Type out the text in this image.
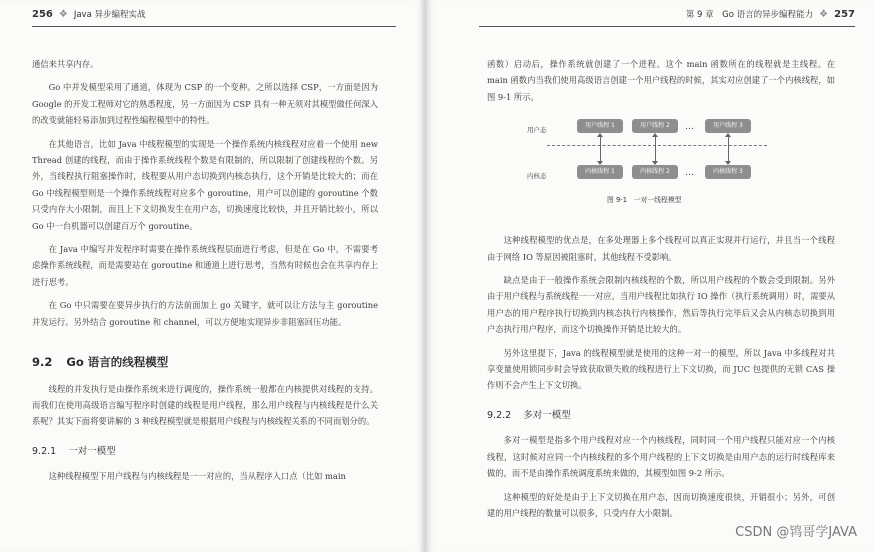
256 ❖ Java 异步编程实战

通信来共享内存。

Go 中并发模型采用了通道，体现为 CSP 的一个变种。之所以选择 CSP，一方面是因为 Google 的开发工程师对它的熟悉程度，另一方面因为 CSP 具有一种无须对其模型做任何深入的改变就能轻易添加到过程性编程模型中的特性。

在其他语言，比如 Java 中线程模型的实现是一个操作系统内核线程对应着一个使用 new Thread 创建的线程，而由于操作系统线程个数是有限制的，所以限制了创建线程的个数。另外，当线程执行阻塞操作时，线程要从用户态切换到内核态执行，这个开销是比较大的；而在 Go 中线程模型则是一个操作系统线程对应多个 goroutine，用户可以创建的 goroutine 个数只受内存大小限制，而且上下文切换发生在用户态，切换速度比较快，并且开销比较小，所以 Go 中一台机器可以创建百万个 goroutine。

在 Java 中编写并发程序时需要在操作系统线程层面进行考虑，但是在 Go 中，不需要考虑操作系统线程，而是需要站在 goroutine 和通道上进行思考，当然有时候也会在共享内存上进行思考。

在 Go 中只需要在要异步执行的方法前面加上 go 关键字，就可以让方法与主 goroutine 并发运行。另外结合 goroutine 和 channel，可以方便地实现异步非阻塞回压功能。

9.2 Go 语言的线程模型

线程的并发执行是由操作系统来进行调度的，操作系统一般都在内核提供对线程的支持。而我们在使用高级语言编写程序时创建的线程是用户线程，那么用户线程与内核线程是什么关系呢？其实下面将要讲解的 3 种线程模型就是根据用户线程与内核线程关系的不同而划分的。

9.2.1 一对一模型

这种线程模型下用户线程与内核线程是一一对应的，当从程序入口点（比如 main

第 9 章　Go 语言的异步编程能力 ❖ 257

函数）启动后，操作系统就创建了一个进程。这个 main 函数所在的线程就是主线程。在 main 函数内当我们使用高级语言创建一个用户线程的时候，其实对应创建了一个内核线程，如图 9-1 所示。

用户态
内核态
用户线程 1	用户线程 2	…	用户线程 3
内核线程 1	内核线程 2	…	内核线程 3
图 9-1　一对一线程模型

这种线程模型的优点是，在多处理器上多个线程可以真正实现并行运行，并且当一个线程由于网络 IO 等原因被阻塞时，其他线程不受影响。

缺点是由于一般操作系统会限制内核线程的个数，所以用户线程的个数会受到限制。另外由于用户线程与系统线程一一对应，当用户线程比如执行 IO 操作（执行系统调用）时，需要从用户态的用户程序执行切换到内核态执行内核操作，然后等执行完毕后又会从内核态切换到用户态执行用户程序，而这个切换操作开销是比较大的。

另外这里提下，Java 的线程模型就是使用的这种一对一的模型，所以 Java 中多线程对共享变量使用锁同步时会导致获取锁失败的线程进行上下文切换，而 JUC 包提供的无锁 CAS 操作则不会产生上下文切换。

9.2.2 多对一模型

多对一模型是指多个用户线程对应一个内核线程，同时同一个用户线程只能对应一个内核线程，这时候对应同一个内核线程的多个用户线程的上下文切换是由用户态的运行时线程库来做的，而不是由操作系统调度系统来做的，其模型如图 9-2 所示。

这种模型的好处是由于上下文切换在用户态，因而切换速度很快，开销很小；另外，可创建的用户线程的数量可以很多，只受内存大小限制。

CSDN @鸨哥学JAVA
